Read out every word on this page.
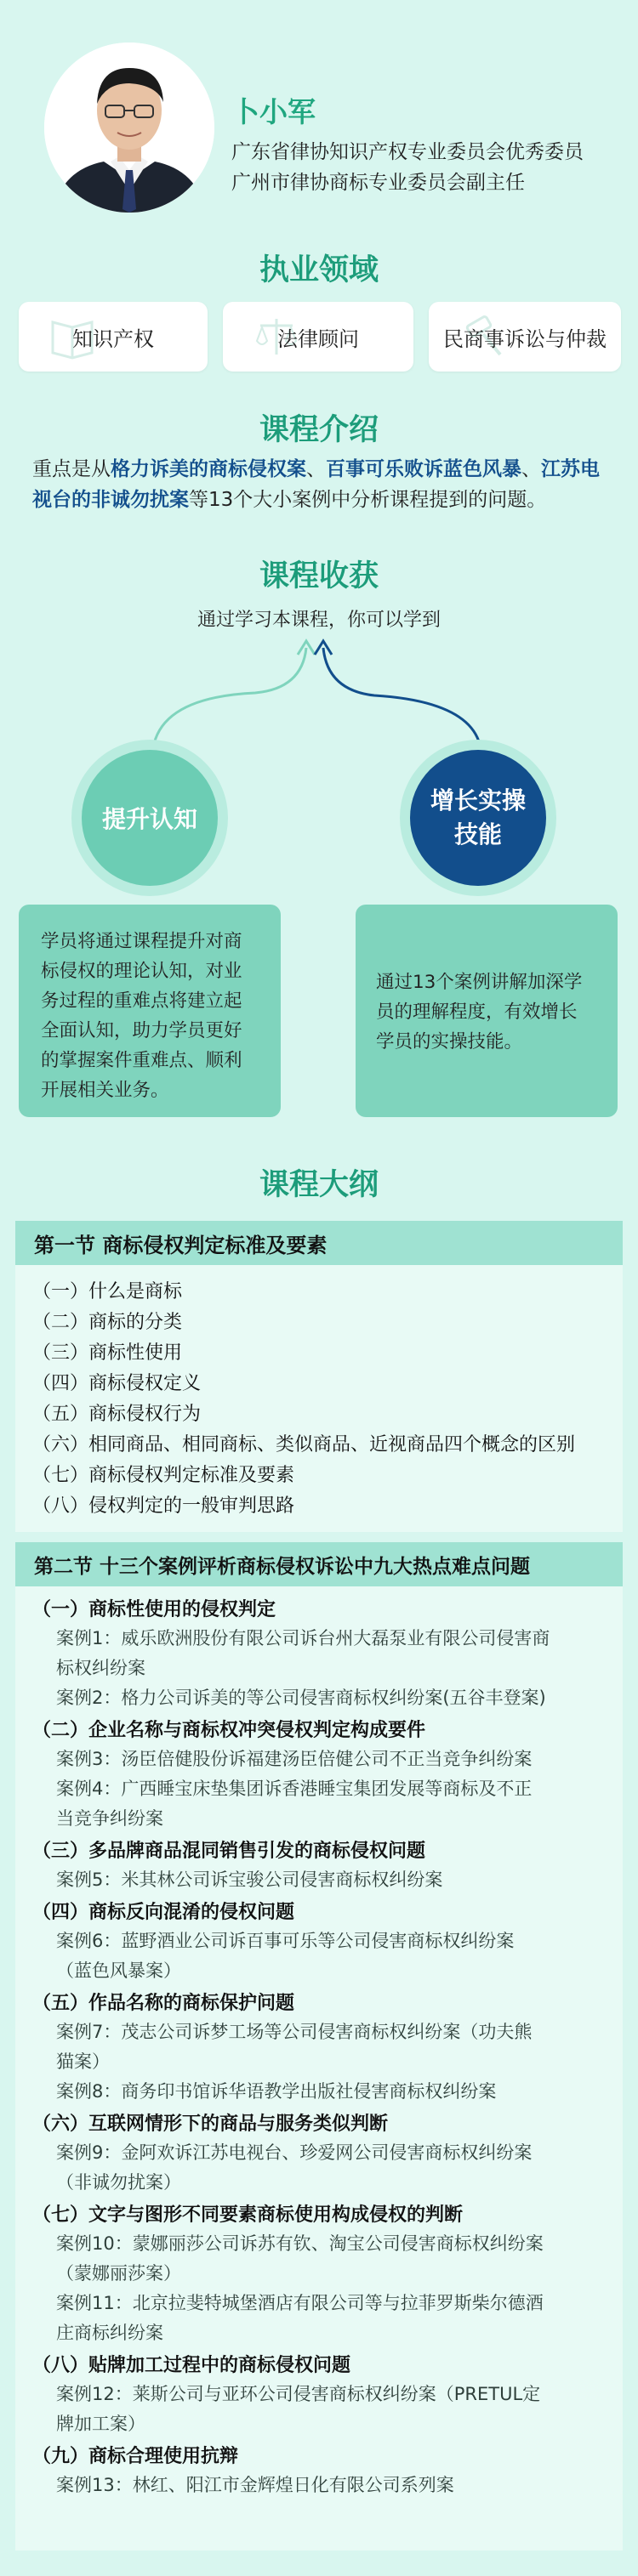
卜小军
广东省律协知识产权专业委员会优秀委员
广州市律协商标专业委员会副主任
执业领域
知识产权	法律顾问	民商事诉讼与仲裁
课程介绍
重点是从格力诉美的商标侵权案、百事可乐败诉蓝色风暴、江苏电视台的非诚勿扰案等13个大小案例中分析课程提到的问题。
课程收获
通过学习本课程，你可以学到
提升认知
增长实操
技能
学员将通过课程提升对商
标侵权的理论认知，对业
务过程的重难点将建立起
全面认知，助力学员更好
的掌握案件重难点、顺利
开展相关业务。
通过13个案例讲解加深学
员的理解程度，有效增长
学员的实操技能。
课程大纲
第一节 商标侵权判定标准及要素
（一）什么是商标
（二）商标的分类
（三）商标性使用
（四）商标侵权定义
（五）商标侵权行为
（六）相同商品、相同商标、类似商品、近视商品四个概念的区别
（七）商标侵权判定标准及要素
（八）侵权判定的一般审判思路
第二节 十三个案例评析商标侵权诉讼中九大热点难点问题
（一）商标性使用的侵权判定
案例1：威乐欧洲股份有限公司诉台州大磊泵业有限公司侵害商
标权纠纷案
案例2：格力公司诉美的等公司侵害商标权纠纷案(五谷丰登案)
（二）企业名称与商标权冲突侵权判定构成要件
案例3：汤臣倍健股份诉福建汤臣倍健公司不正当竞争纠纷案
案例4：广西睡宝床垫集团诉香港睡宝集团发展等商标及不正
当竞争纠纷案
（三）多品牌商品混同销售引发的商标侵权问题
案例5：米其林公司诉宝骏公司侵害商标权纠纷案
（四）商标反向混淆的侵权问题
案例6：蓝野酒业公司诉百事可乐等公司侵害商标权纠纷案
（蓝色风暴案）
（五）作品名称的商标保护问题
案例7：茂志公司诉梦工场等公司侵害商标权纠纷案（功夫熊
猫案）
案例8：商务印书馆诉华语教学出版社侵害商标权纠纷案
（六）互联网情形下的商品与服务类似判断
案例9：金阿欢诉江苏电视台、珍爱网公司侵害商标权纠纷案
（非诚勿扰案）
（七）文字与图形不同要素商标使用构成侵权的判断
案例10：蒙娜丽莎公司诉苏有钦、淘宝公司侵害商标权纠纷案
（蒙娜丽莎案）
案例11：北京拉斐特城堡酒店有限公司等与拉菲罗斯柴尔德酒
庄商标纠纷案
（八）贴牌加工过程中的商标侵权问题
案例12：莱斯公司与亚环公司侵害商标权纠纷案（PRETUL定
牌加工案）
（九）商标合理使用抗辩
案例13：林红、阳江市金辉煌日化有限公司系列案
